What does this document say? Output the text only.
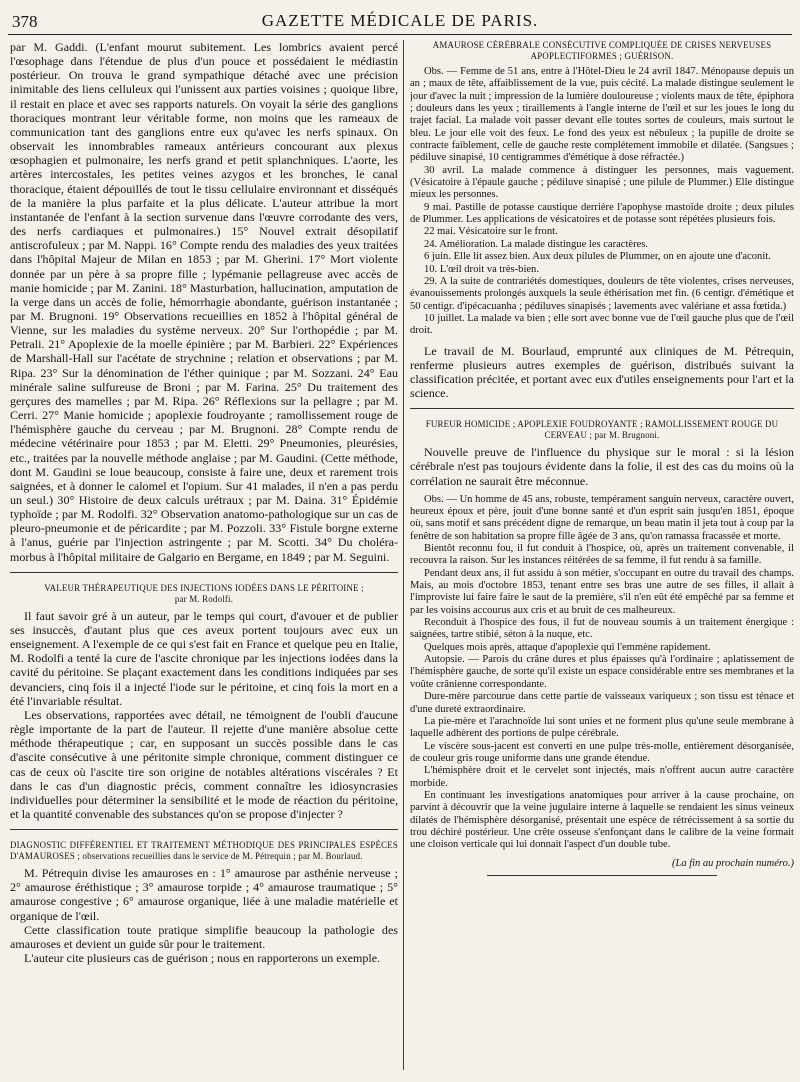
378	GAZETTE MÉDICALE DE PARIS.

par M. Gaddi. (L'enfant mourut subitement. Les lombrics avaient percé l'œsophage dans l'étendue de plus d'un pouce et possédaient le médiastin postérieur. On trouva le grand sympathique détaché avec une précision inimitable des liens celluleux qui l'unissent aux parties voisines ; quoique libre, il restait en place et avec ses rapports naturels. On voyait la série des ganglions thoraciques montrant leur véritable forme, non moins que les rameaux de communication tant des ganglions entre eux qu'avec les nerfs spinaux. On observait les innombrables rameaux antérieurs concourant aux plexus œsophagien et pulmonaire, les nerfs grand et petit splanchniques. L'aorte, les artères intercostales, les petites veines azygos et les bronches, le canal thoracique, étaient dépouillés de tout le tissu cellulaire environnant et disséqués de la manière la plus parfaite et la plus délicate. L'auteur attribue la mort instantanée de l'enfant à la section survenue dans l'œuvre corrodante des vers, des nerfs cardiaques et pulmonaires.) 15° Nouvel extrait désopilatif antiscrofuleux ; par M. Nappi. 16° Compte rendu des maladies des yeux traitées dans l'hôpital Majeur de Milan en 1853 ; par M. Gherini. 17° Mort violente donnée par un père à sa propre fille ; lypémanie pellagreuse avec accès de manie homicide ; par M. Zanini. 18° Masturbation, hallucination, amputation de la verge dans un accès de folie, hémorrhagie abondante, guérison instantanée ; par M. Brugnoni. 19° Observations recueillies en 1852 à l'hôpital général de Vienne, sur les maladies du système nerveux. 20° Sur l'orthopédie ; par M. Petrali. 21° Apoplexie de la moelle épinière ; par M. Barbieri. 22° Expériences de Marshall-Hall sur l'acétate de strychnine ; relation et observations ; par M. Ripa. 23° Sur la dénomination de l'éther quinique ; par M. Sozzani. 24° Eau minérale saline sulfureuse de Broni ; par M. Farina. 25° Du traitement des gerçures des mamelles ; par M. Ripa. 26° Réflexions sur la pellagre ; par M. Cerri. 27° Manie homicide ; apoplexie foudroyante ; ramollissement rouge de l'hémisphère gauche du cerveau ; par M. Brugnoni. 28° Compte rendu de médecine vétérinaire pour 1853 ; par M. Eletti. 29° Pneumonies, pleurésies, etc., traitées par la nouvelle méthode anglaise ; par M. Gaudini. (Cette méthode, dont M. Gaudini se loue beaucoup, consiste à faire une, deux et rarement trois saignées, et à donner le calomel et l'opium. Sur 41 malades, il n'en a pas perdu un seul.) 30° Histoire de deux calculs urétraux ; par M. Daina. 31° Épidémie typhoïde ; par M. Rodolfi. 32° Observation anatomo-pathologique sur un cas de pleuro-pneumonie et de péricardite ; par M. Pozzoli. 33° Fistule borgne externe à l'anus, guérie par l'injection astringente ; par M. Scotti. 34° Du choléra-morbus à l'hôpital militaire de Galgario en Bergame, en 1849 ; par M. Seguini.

VALEUR THÉRAPEUTIQUE DES INJECTIONS IODÉES DANS LE PÉRITOINE ;
par M. Rodolfi.

Il faut savoir gré à un auteur, par le temps qui court, d'avouer et de publier ses insuccès, d'autant plus que ces aveux portent toujours avec eux un enseignement. A l'exemple de ce qui s'est fait en France et quelque peu en Italie, M. Rodolfi a tenté la cure de l'ascite chronique par les injections iodées dans la cavité du péritoine. Se plaçant exactement dans les conditions indiquées par ses devanciers, cinq fois il a injecté l'iode sur le péritoine, et cinq fois la mort en a été l'invariable résultat.

Les observations, rapportées avec détail, ne témoignent de l'oubli d'aucune règle importante de la part de l'auteur. Il rejette d'une manière absolue cette méthode thérapeutique ; car, en supposant un succès possible dans le cas d'ascite consécutive à une péritonite simple chronique, comment distinguer ce cas de ceux où l'ascite tire son origine de notables altérations viscérales ? Et dans le cas d'un diagnostic précis, comment connaître les idiosyncrasies individuelles pour déterminer la sensibilité et le mode de réaction du péritoine, et la quantité convenable des substances qu'on se propose d'injecter ?

DIAGNOSTIC DIFFÉRENTIEL ET TRAITEMENT MÉTHODIQUE DES PRINCIPALES ESPÈCES D'AMAUROSES ; observations recueillies dans le service de M. Pétrequin ; par M. Bourlaud.

M. Pétrequin divise les amauroses en : 1° amaurose par asthénie nerveuse ; 2° amaurose éréthistique ; 3° amaurose torpide ; 4° amaurose traumatique ; 5° amaurose congestive ; 6° amaurose organique, liée à une maladie matérielle et organique de l'œil.

Cette classification toute pratique simplifie beaucoup la pathologie des amauroses et devient un guide sûr pour le traitement.

L'auteur cite plusieurs cas de guérison ; nous en rapporterons un exemple.

AMAUROSE CÉRÉBRALE CONSÉCUTIVE COMPLIQUÉE DE CRISES NERVEUSES APOPLECTIFORMES ; GUÉRISON.

Obs. — Femme de 51 ans, entre à l'Hôtel-Dieu le 24 avril 1847. Ménopause depuis un an ; maux de tête, affaiblissement de la vue, puis cécité. La malade distingue seulement le jour d'avec la nuit ; impression de la lumière douloureuse ; violents maux de tête, épiphora ; douleurs dans les yeux ; tiraillements à l'angle interne de l'œil et sur les joues le long du trajet facial. La malade voit passer devant elle toutes sortes de couleurs, mais surtout le bleu. Le jour elle voit des feux. Le fond des yeux est nébuleux ; la pupille de droite se contracte faiblement, celle de gauche reste complétement immobile et dilatée. (Sangsues ; pédiluve sinapisé, 10 centigrammes d'émétique à dose réfractée.)

30 avril. La malade commence à distinguer les personnes, mais vaguement. (Vésicatoire à l'épaule gauche ; pédiluve sinapisé ; une pilule de Plummer.) Elle distingue mieux les personnes.

9 mai. Pastille de potasse caustique derrière l'apophyse mastoïde droite ; deux pilules de Plummer. Les applications de vésicatoires et de potasse sont répétées plusieurs fois.

22 mai. Vésicatoire sur le front.

24. Amélioration. La malade distingue les caractères.

6 juin. Elle lit assez bien. Aux deux pilules de Plummer, on en ajoute une d'aconit.

10. L'œil droit va très-bien.

29. A la suite de contrariétés domestiques, douleurs de tête violentes, crises nerveuses, évanouissements prolongés auxquels la seule éthérisation met fin. (6 centigr. d'émétique et 50 centigr. d'ipécacuanha ; pédiluves sinapisés ; lavements avec valériane et assa fœtida.)

10 juillet. La malade va bien ; elle sort avec bonne vue de l'œil gauche plus que de l'œil droit.

Le travail de M. Bourlaud, emprunté aux cliniques de M. Pétrequin, renferme plusieurs autres exemples de guérison, distribués suivant la classification précitée, et portant avec eux d'utiles enseignements pour l'art et la science.

FUREUR HOMICIDE ; APOPLEXIE FOUDROYANTE ; RAMOLLISSEMENT ROUGE DU CERVEAU ; par M. Brugnoni.

Nouvelle preuve de l'influence du physique sur le moral : si la lésion cérébrale n'est pas toujours évidente dans la folie, il est des cas du moins où la corrélation ne saurait être méconnue.

Obs. — Un homme de 45 ans, robuste, tempérament sanguin nerveux, caractère ouvert, heureux époux et père, jouit d'une bonne santé et d'un esprit sain jusqu'en 1851, époque où, sans motif et sans précédent digne de remarque, un beau matin il jeta tout à coup par la fenêtre de son habitation sa propre fille âgée de 3 ans, qu'on ramassa fracassée et morte.

Bientôt reconnu fou, il fut conduit à l'hospice, où, après un traitement convenable, il recouvra la raison. Sur les instances réitérées de sa femme, il fut rendu à sa famille.

Pendant deux ans, il fut assidu à son métier, s'occupant en outre du travail des champs. Mais, au mois d'octobre 1853, tenant entre ses bras une autre de ses filles, il allait à l'improviste lui faire faire le saut de la première, s'il n'en eût été empêché par sa femme et par les voisins accourus aux cris et au bruit de ces malheureux.

Reconduit à l'hospice des fous, il fut de nouveau soumis à un traitement énergique : saignées, tartre stibié, séton à la nuque, etc.

Quelques mois après, attaque d'apoplexie qui l'emmène rapidement.

Autopsie. — Parois du crâne dures et plus épaisses qu'à l'ordinaire ; aplatissement de l'hémisphère gauche, de sorte qu'il existe un espace considérable entre ses membranes et la voûte crânienne correspondante.

Dure-mère parcourue dans cette partie de vaisseaux variqueux ; son tissu est ténace et d'une dureté extraordinaire.

La pie-mère et l'arachnoïde lui sont unies et ne forment plus qu'une seule membrane à laquelle adhèrent des portions de pulpe cérébrale.

Le viscère sous-jacent est converti en une pulpe très-molle, entièrement désorganisée, de couleur gris rouge uniforme dans une grande étendue.

L'hémisphère droit et le cervelet sont injectés, mais n'offrent aucun autre caractère morbide.

En continuant les investigations anatomiques pour arriver à la cause prochaine, on parvint à découvrir que la veine jugulaire interne à laquelle se rendaient les sinus veineux dilatés de l'hémisphère désorganisé, présentait une espèce de rétrécissement à sa sortie du trou déchiré postérieur. Une crête osseuse s'enfonçant dans le calibre de la veine formait une cloison verticale qui lui donnait l'aspect d'un double tube.

(La fin au prochain numéro.)
